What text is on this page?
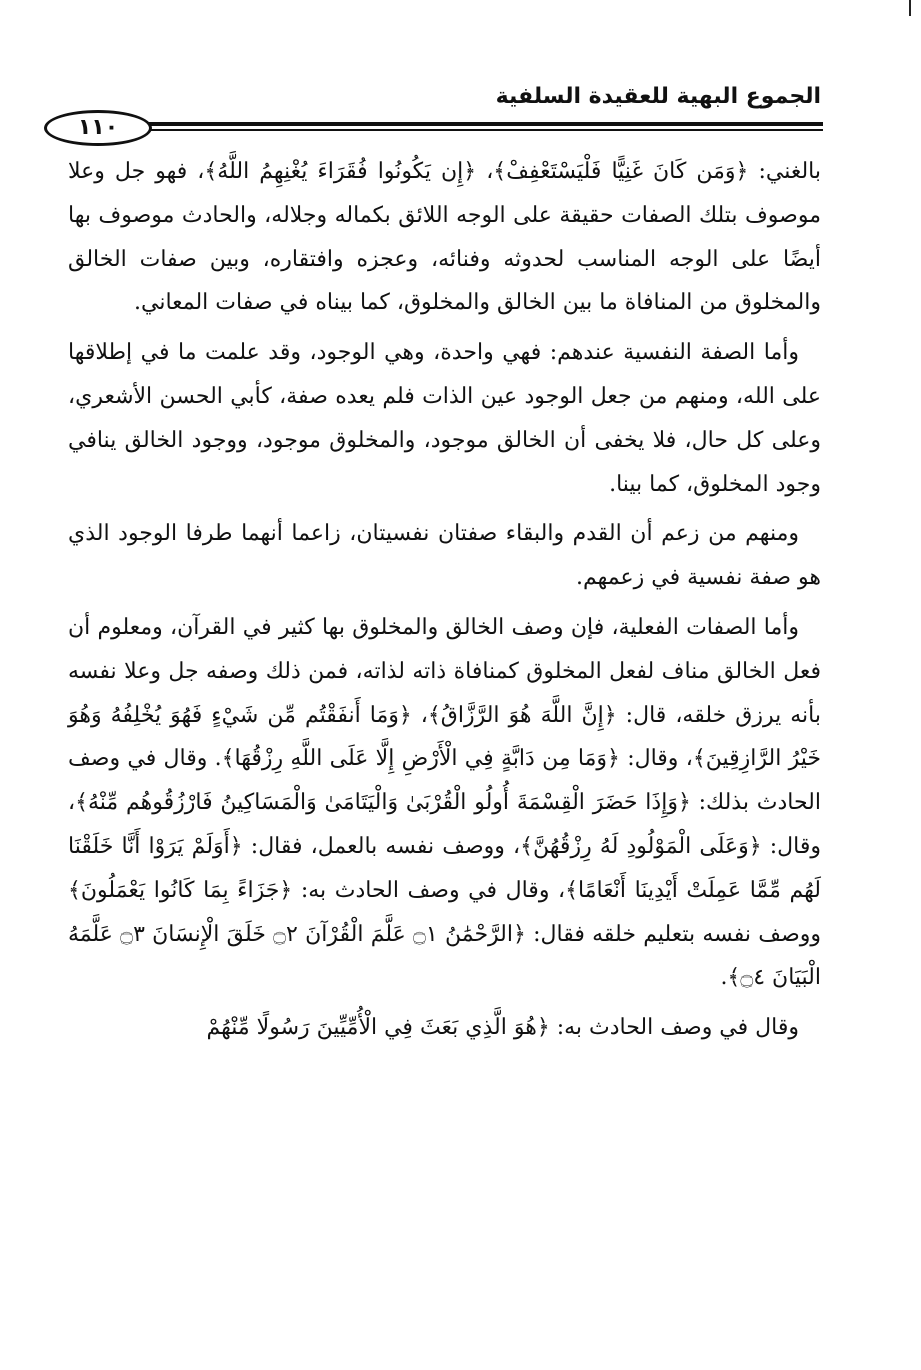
الجموع البهية للعقيدة السلفية
١١٠

بالغني: ﴿وَمَن كَانَ غَنِيًّا فَلْيَسْتَعْفِفْ﴾، ﴿إِن يَكُونُوا فُقَرَاءَ يُغْنِهِمُ اللَّهُ﴾، فهو جل وعلا موصوف بتلك الصفات حقيقة على الوجه اللائق بكماله وجلاله، والحادث موصوف بها أيضًا على الوجه المناسب لحدوثه وفنائه، وعجزه وافتقاره، وبين صفات الخالق والمخلوق من المنافاة ما بين الخالق والمخلوق، كما بيناه في صفات المعاني.

وأما الصفة النفسية عندهم: فهي واحدة، وهي الوجود، وقد علمت ما في إطلاقها على الله، ومنهم من جعل الوجود عين الذات فلم يعده صفة، كأبي الحسن الأشعري، وعلى كل حال، فلا يخفى أن الخالق موجود، والمخلوق موجود، ووجود الخالق ينافي وجود المخلوق، كما بينا.

ومنهم من زعم أن القدم والبقاء صفتان نفسيتان، زاعما أنهما طرفا الوجود الذي هو صفة نفسية في زعمهم.

وأما الصفات الفعلية، فإن وصف الخالق والمخلوق بها كثير في القرآن، ومعلوم أن فعل الخالق مناف لفعل المخلوق كمنافاة ذاته لذاته، فمن ذلك وصفه جل وعلا نفسه بأنه يرزق خلقه، قال: ﴿إِنَّ اللَّهَ هُوَ الرَّزَّاقُ﴾، ﴿وَمَا أَنفَقْتُم مِّن شَيْءٍ فَهُوَ يُخْلِفُهُ وَهُوَ خَيْرُ الرَّازِقِينَ﴾، وقال: ﴿وَمَا مِن دَابَّةٍ فِي الْأَرْضِ إِلَّا عَلَى اللَّهِ رِزْقُهَا﴾. وقال في وصف الحادث بذلك: ﴿وَإِذَا حَضَرَ الْقِسْمَةَ أُولُو الْقُرْبَىٰ وَالْيَتَامَىٰ وَالْمَسَاكِينُ فَارْزُقُوهُم مِّنْهُ﴾، وقال: ﴿وَعَلَى الْمَوْلُودِ لَهُ رِزْقُهُنَّ﴾، ووصف نفسه بالعمل، فقال: ﴿أَوَلَمْ يَرَوْا أَنَّا خَلَقْنَا لَهُم مِّمَّا عَمِلَتْ أَيْدِينَا أَنْعَامًا﴾، وقال في وصف الحادث به: ﴿جَزَاءً بِمَا كَانُوا يَعْمَلُونَ﴾ ووصف نفسه بتعليم خلقه فقال: ﴿الرَّحْمَٰنُ ۝١ عَلَّمَ الْقُرْآنَ ۝٢ خَلَقَ الْإِنسَانَ ۝٣ عَلَّمَهُ الْبَيَانَ ۝٤﴾.

وقال في وصف الحادث به: ﴿هُوَ الَّذِي بَعَثَ فِي الْأُمِّيِّينَ رَسُولًا مِّنْهُمْ
